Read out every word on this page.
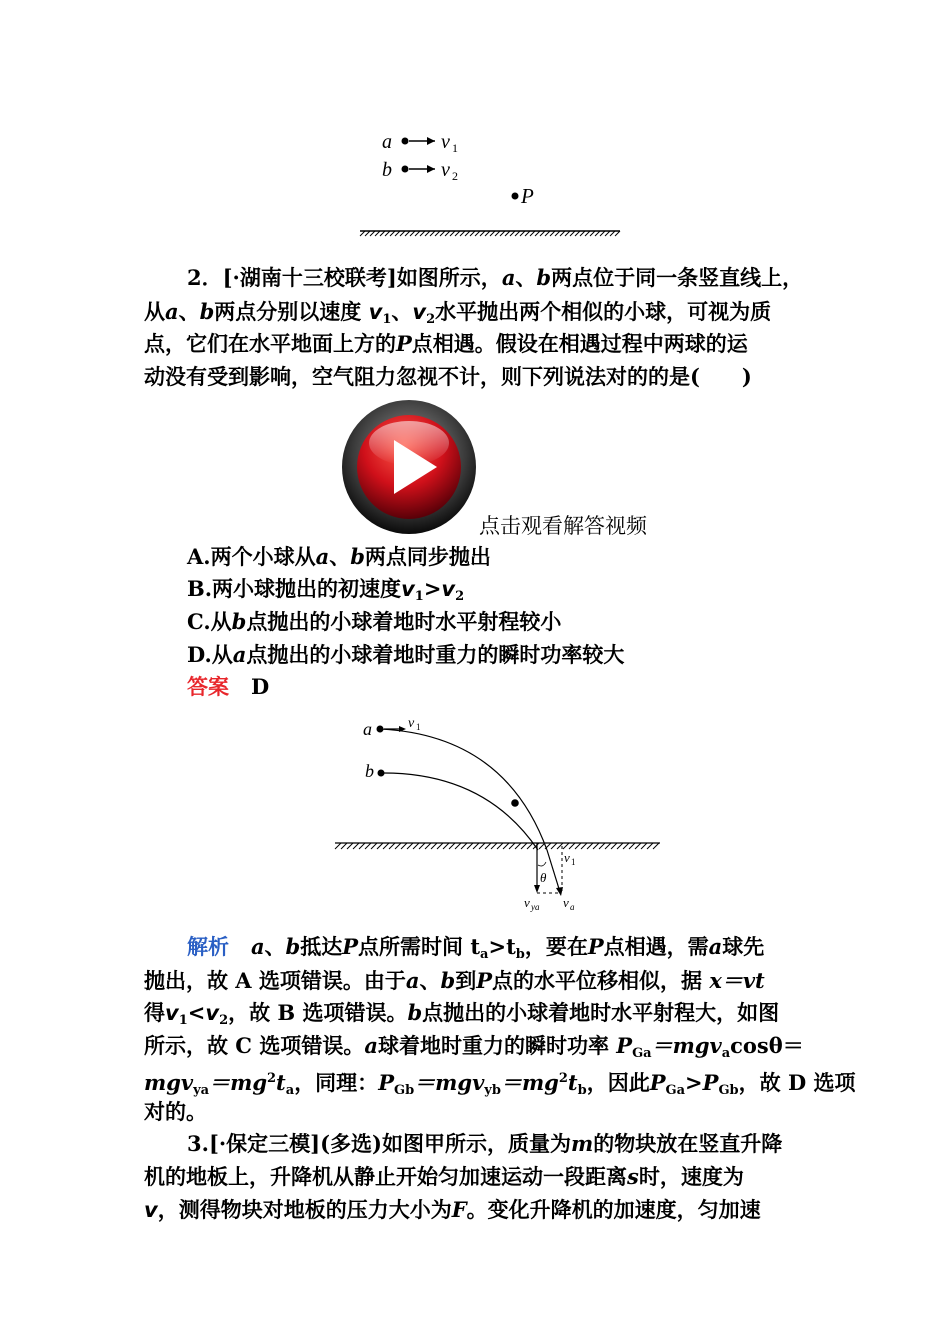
a v 1
b v 2
P
2．[·湖南十三校联考]如图所示，a、b两点位于同一条竖直线上，
从a、b两点分别以速度 $v_1$、$v_2$水平抛出两个相似的小球，可视为质
点，它们在水平地面上方的P点相遇。假设在相遇过程中两球的运
动没有受到影响，空气阻力忽视不计，则下列说法对的的是(　　)
点击观看解答视频
A.两个小球从a、b两点同步抛出
B.两小球抛出的初速度$v_1>v_2$
C.从b点抛出的小球着地时水平射程较小
D.从a点抛出的小球着地时重力的瞬时功率较大
答案 D
a	v 1
b
v 1
θ
v ya v a
解析 a、b抵达P点所需时间 $t_a>t_b$，要在P点相遇，需a球先
抛出，故 A 选项错误。由于a、b到P点的水平位移相似，据 x＝vt
得$v_1<v_2$，故 B 选项错误。b点抛出的小球着地时水平射程大，如图
所示，故 C 选项错误。a球着地时重力的瞬时功率 $P_{Ga}=mgv_a\cos\theta=$
$mgv_{ya}=mg^2t_a$，同理：$P_{Gb}=mgv_{yb}=mg^2t_b$，因此$P_{Ga}>P_{Gb}$，故 D 选项
对的。
3.[·保定三模](多选)如图甲所示，质量为m的物块放在竖直升降
机的地板上，升降机从静止开始匀加速运动一段距离s时，速度为
v，测得物块对地板的压力大小为F。变化升降机的加速度，匀加速
